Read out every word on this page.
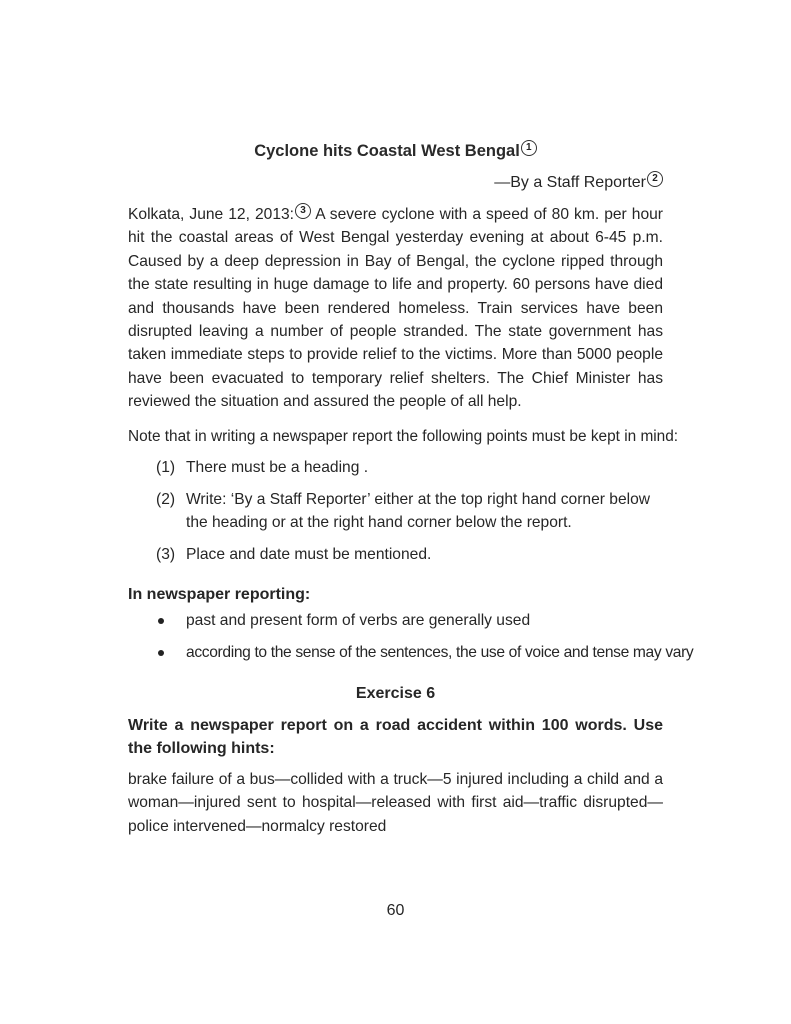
Cyclone hits Coastal West Bengal 1
—By a Staff Reporter 2
Kolkata, June 12, 2013: 3 A severe cyclone with a speed of 80 km. per hour hit the coastal areas of West Bengal yesterday evening at about 6-45 p.m. Caused by a deep depression in Bay of Bengal, the cyclone ripped through the state resulting in huge damage to life and property. 60 persons have died and thousands have been rendered homeless. Train services have been disrupted leaving a number of people stranded. The state government has taken immediate steps to provide relief to the victims. More than 5000 people have been evacuated to temporary relief shelters. The Chief Minister has reviewed the situation and assured the people of all help.
Note that in writing a newspaper report the following points must be kept in mind:
(1) There must be a heading .
(2) Write: ‘By a Staff Reporter’ either at the top right hand corner below the heading or at the right hand corner below the report.
(3) Place and date must be mentioned.
In newspaper reporting:
past and present form of verbs are generally used
according to the sense of the sentences, the use of voice and tense may vary
Exercise 6
Write a newspaper report on a road accident within 100 words. Use the following hints:
brake failure of a bus—collided with a truck—5 injured including a child and a woman—injured sent to hospital—released with first aid—traffic disrupted—police intervened—normalcy restored
60
